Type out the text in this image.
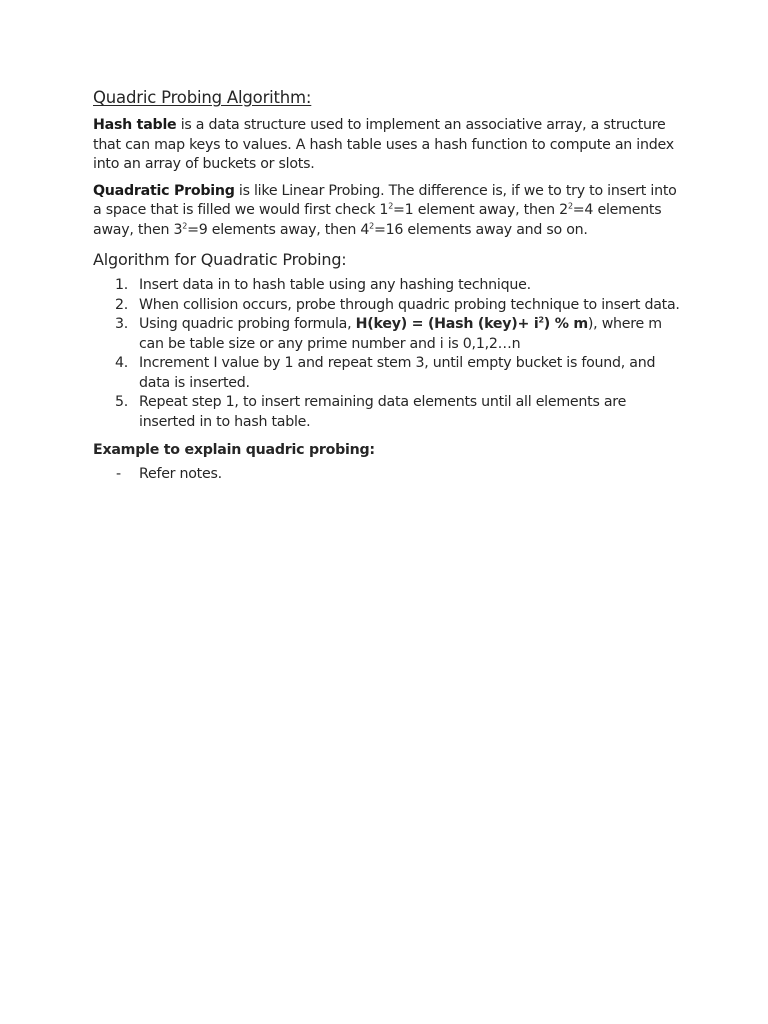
Quadric Probing Algorithm:

Hash table is a data structure used to implement an associative array, a structure that can map keys to values. A hash table uses a hash function to compute an index into an array of buckets or slots.

Quadratic Probing is like Linear Probing. The difference is, if we to try to insert into a space that is filled we would first check $1^2=1$ element away, then $2^2=4$ elements away, then $3^2=9$ elements away, then $4^2=16$ elements away and so on.

Algorithm for Quadratic Probing:
1. Insert data in to hash table using any hashing technique.
2. When collision occurs, probe through quadric probing technique to insert data.
3. Using quadric probing formula, H(key) = (Hash $(key)+ i^2$) % m), where m can be table size or any prime number and i is 0,1,2…n
4. Increment I value by 1 and repeat stem 3, until empty bucket is found, and data is inserted.
5. Repeat step 1, to insert remaining data elements until all elements are inserted in to hash table.
Example to explain quadric probing:
- Refer notes.
